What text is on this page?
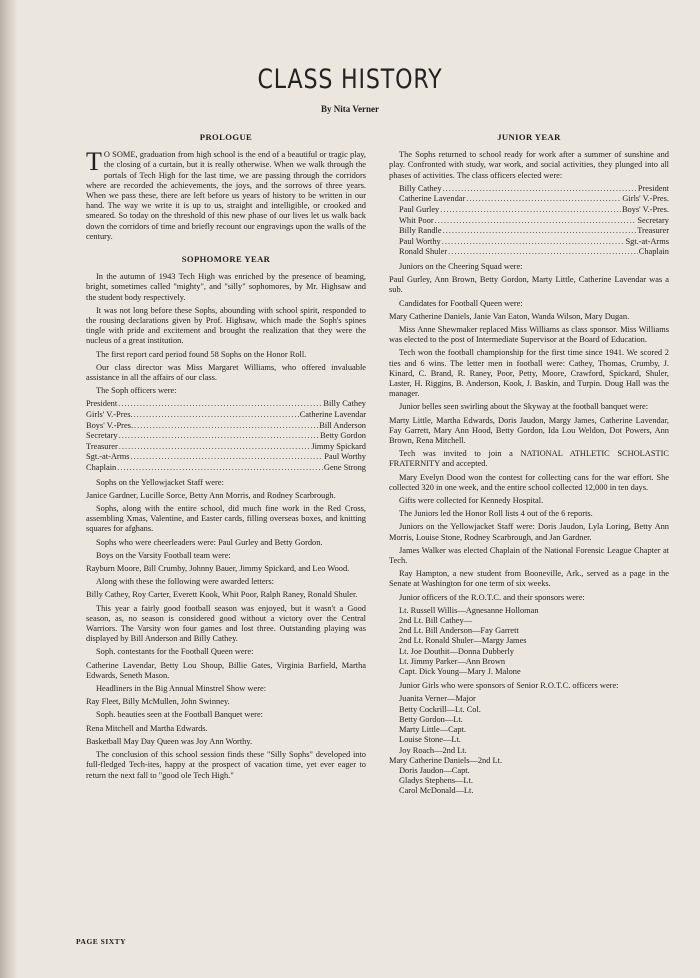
CLASS HISTORY
By Nita Verner
PROLOGUE

T O SOME, graduation from high school is the end of a beautiful or tragic play, the closing of a curtain, but it is really otherwise. When we walk through the portals of Tech High for the last time, we are passing through the corridors where are recorded the achievements, the joys, and the sorrows of three years. When we pass these, there are left before us years of history to be written in our hand. The way we write it is up to us, straight and intelligible, or crooked and smeared. So today on the threshold of this new phase of our lives let us walk back down the corridors of time and briefly recount our engravings upon the walls of the century.

SOPHOMORE YEAR

In the autumn of 1943 Tech High was enriched by the presence of beaming, bright, sometimes called "mighty", and "silly" sophomores, by Mr. Highsaw and the student body respectively.

It was not long before these Sophs, abounding with school spirit, responded to the rousing declarations given by Prof. Highsaw, which made the Soph's spines tingle with pride and excitement and brought the realization that they were the nucleus of a great institution.

The first report card period found 58 Sophs on the Honor Roll.

Our class director was Miss Margaret Williams, who offered invaluable assistance in all the affairs of our class.

The Soph officers were:

President .....	Billy Cathey
Girls' V.-Pres. .....	Catherine Lavendar
Boys' V.-Pres. .....	Bill Anderson
Secretary .....	Betty Gordon
Treasurer .....	Jimmy Spickard
Sgt.-at-Arms .....	Paul Worthy
Chaplain .....	Gene Strong

Sophs on the Yellowjacket Staff were:

Janice Gardner, Lucille Sorce, Betty Ann Morris, and Rodney Scarbrough.

Sophs, along with the entire school, did much fine work in the Red Cross, assembling Xmas, Valentine, and Easter cards, filling overseas boxes, and knitting squares for afghans.

Sophs who were cheerleaders were: Paul Gurley and Betty Gordon.

Boys on the Varsity Football team were:

Rayburn Moore, Bill Crumby, Johnny Bauer, Jimmy Spickard, and Leo Wood.

Along with these the following were awarded letters:

Billy Cathey, Roy Carter, Everett Kook, Whit Poor, Ralph Raney, Ronald Shuler.

This year a fairly good football season was enjoyed, but it wasn't a Good season, as, no season is considered good without a victory over the Central Warriors. The Varsity won four games and lost three. Outstanding playing was displayed by Bill Anderson and Billy Cathey.

Soph. contestants for the Football Queen were:

Catherine Lavendar, Betty Lou Shoup, Billie Gates, Virginia Barfield, Martha Edwards, Seneth Mason.

Headliners in the Big Annual Minstrel Show were:

Ray Fleet, Billy McMullen, John Swinney.

Soph. beauties seen at the Football Banquet were:

Rena Mitchell and Martha Edwards.

Basketball May Day Queen was Joy Ann Worthy.

The conclusion of this school session finds these "Silly Sophs" developed into full-fledged Tech-ites, happy at the prospect of vacation time, yet ever eager to return the next fall to "good ole Tech High."

JUNIOR YEAR

The Sophs returned to school ready for work after a summer of sunshine and play. Confronted with study, war work, and social activities, they plunged into all phases of activities. The class officers elected were:

Billy Cathey .....	President
Catherine Lavendar .....	Girls' V.-Pres.
Paul Gurley .....	Boys' V.-Pres.
Whit Poor .....	Secretary
Billy Randle .....	Treasurer
Paul Worthy .....	Sgt.-at-Arms
Ronald Shuler .....	Chaplain

Juniors on the Cheering Squad were:

Paul Gurley, Ann Brown, Betty Gordon, Marty Little, Catherine Lavendar was a sub.

Candidates for Football Queen were:

Mary Catherine Daniels, Janie Van Eaton, Wanda Wilson, Mary Dugan.

Miss Anne Shewmaker replaced Miss Williams as class sponsor. Miss Williams was elected to the post of Intermediate Supervisor at the Board of Education.

Tech won the football championship for the first time since 1941. We scored 2 ties and 6 wins. The letter men in football were: Cathey, Thomas, Crumby, J. Kinard, C. Brand, R. Raney, Poor, Petty, Moore, Crawford, Spickard, Shuler, Laster, H. Riggins, B. Anderson, Kook, J. Baskin, and Turpin. Doug Hall was the manager.

Junior belles seen swirling about the Skyway at the football banquet were:

Marty Little, Martha Edwards, Doris Jaudon, Margy James, Catherine Lavendar, Fay Garrett, Mary Ann Hood, Betty Gordon, Ida Lou Weldon, Dot Powers, Ann Brown, Rena Mitchell.

Tech was invited to join a NATIONAL ATHLETIC SCHOLASTIC FRATERNITY and accepted.

Mary Evelyn Dood won the contest for collecting cans for the war effort. She collected 320 in one week, and the entire school collected 12,000 in ten days.

Gifts were collected for Kennedy Hospital.

The Juniors led the Honor Roll lists 4 out of the 6 reports.

Juniors on the Yellowjacket Staff were: Doris Jaudon, Lyla Loring, Betty Ann Morris, Louise Stone, Rodney Scarbrough, and Jan Gardner.

James Walker was elected Chaplain of the National Forensic League Chapter at Tech.

Ray Hampton, a new student from Booneville, Ark., served as a page in the Senate at Washington for one term of six weeks.

Junior officers of the R.O.T.C. and their sponsors were:

Lt. Russell Willis—Agnesanne Holloman
2nd Lt. Bill Cathey—
2nd Lt. Bill Anderson—Fay Garrett
2nd Lt. Ronald Shuler—Margy James
Lt. Joe Douthit—Donna Dubberly
Lt. Jimmy Parker—Ann Brown
Capt. Dick Young—Mary J. Malone

Junior Girls who were sponsors of Senior R.O.T.C. officers were:

Juanita Verner—Major
Betty Cockrill—Lt. Col.
Betty Gordon—Lt.
Marty Little—Capt.
Louise Stone—Lt.
Joy Roach—2nd Lt.
Mary Catherine Daniels—2nd Lt.
Doris Jaudon—Capt.
Gladys Stephens—Lt.
Carol McDonald—Lt.
PAGE SIXTY
